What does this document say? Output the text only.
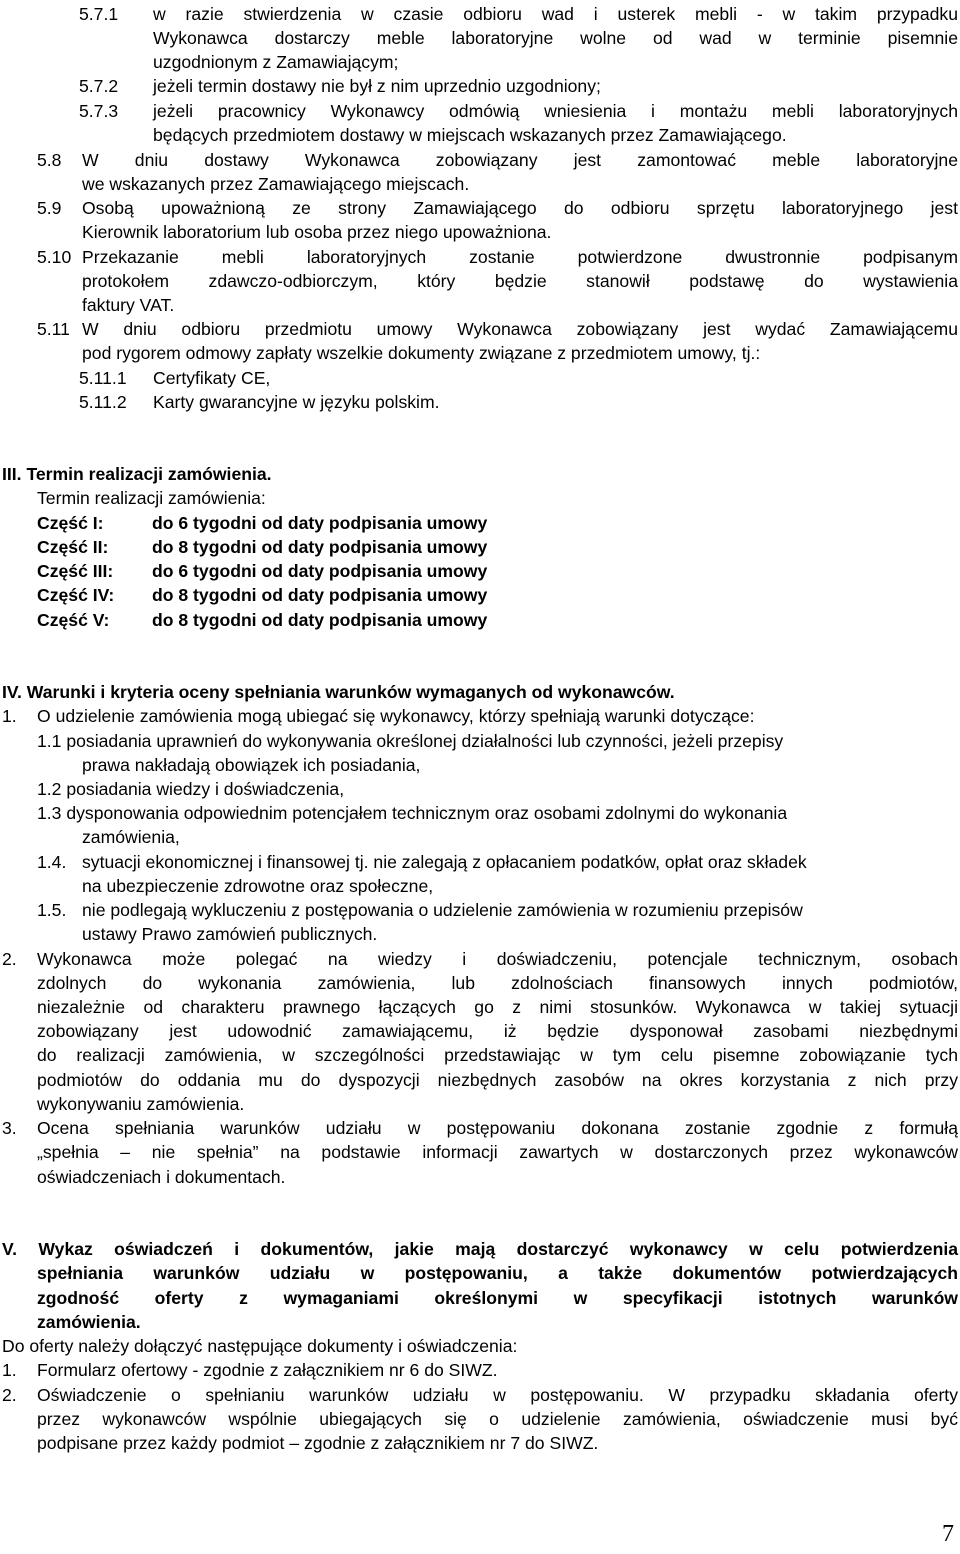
5.7.1 w razie stwierdzenia w czasie odbioru wad i usterek mebli - w takim przypadku
Wykonawca dostarczy meble laboratoryjne wolne od wad w terminie pisemnie
uzgodnionym z Zamawiającym;
5.7.2 jeżeli termin dostawy nie był z nim uprzednio uzgodniony;
5.7.3 jeżeli pracownicy Wykonawcy odmówią wniesienia i montażu mebli laboratoryjnych
będących przedmiotem dostawy w miejscach wskazanych przez Zamawiającego.
5.8 W dniu dostawy Wykonawca zobowiązany jest zamontować meble laboratoryjne
we wskazanych przez Zamawiającego miejscach.
5.9 Osobą upoważnioną ze strony Zamawiającego do odbioru sprzętu laboratoryjnego jest
Kierownik laboratorium lub osoba przez niego upoważniona.
5.10 Przekazanie mebli laboratoryjnych zostanie potwierdzone dwustronnie podpisanym
protokołem zdawczo-odbiorczym, który będzie stanowił podstawę do wystawienia
faktury VAT.
5.11 W dniu odbioru przedmiotu umowy Wykonawca zobowiązany jest wydać Zamawiającemu
pod rygorem odmowy zapłaty wszelkie dokumenty związane z przedmiotem umowy, tj.:
5.11.1 Certyfikaty CE,
5.11.2 Karty gwarancyjne w języku polskim.
III. Termin realizacji zamówienia.
Termin realizacji zamówienia:
Część I:	do 6 tygodni od daty podpisania umowy
Część II: do 8 tygodni od daty podpisania umowy
Część III: do 6 tygodni od daty podpisania umowy
Część IV: do 8 tygodni od daty podpisania umowy
Część V: do 8 tygodni od daty podpisania umowy
IV. Warunki i kryteria oceny spełniania warunków wymaganych od wykonawców.
1. O udzielenie zamówienia mogą ubiegać się wykonawcy, którzy spełniają warunki dotyczące:
1.1 posiadania uprawnień do wykonywania określonej działalności lub czynności, jeżeli przepisy
prawa nakładają obowiązek ich posiadania,
1.2 posiadania wiedzy i doświadczenia,
1.3 dysponowania odpowiednim potencjałem technicznym oraz osobami zdolnymi do wykonania
zamówienia,
1.4. sytuacji ekonomicznej i finansowej tj. nie zalegają z opłacaniem podatków, opłat oraz składek
na ubezpieczenie zdrowotne oraz społeczne,
1.5. nie podlegają wykluczeniu z postępowania o udzielenie zamówienia w rozumieniu przepisów
ustawy Prawo zamówień publicznych.
2. Wykonawca może polegać na wiedzy i doświadczeniu, potencjale technicznym, osobach
zdolnych do wykonania zamówienia, lub zdolnościach finansowych innych podmiotów,
niezależnie od charakteru prawnego łączących go z nimi stosunków. Wykonawca w takiej sytuacji
zobowiązany jest udowodnić zamawiającemu, iż będzie dysponował zasobami niezbędnymi
do realizacji zamówienia, w szczególności przedstawiając w tym celu pisemne zobowiązanie tych
podmiotów do oddania mu do dyspozycji niezbędnych zasobów na okres korzystania z nich przy
wykonywaniu zamówienia.
3. Ocena spełniania warunków udziału w postępowaniu dokonana zostanie zgodnie z formułą
„spełnia – nie spełnia” na podstawie informacji zawartych w dostarczonych przez wykonawców
oświadczeniach i dokumentach.
V. Wykaz oświadczeń i dokumentów, jakie mają dostarczyć wykonawcy w celu potwierdzenia
spełniania warunków udziału w postępowaniu, a także dokumentów potwierdzających
zgodność oferty z wymaganiami określonymi w specyfikacji istotnych warunków
zamówienia.
Do oferty należy dołączyć następujące dokumenty i oświadczenia:
1. Formularz ofertowy - zgodnie z załącznikiem nr 6 do SIWZ.
2. Oświadczenie o spełnianiu warunków udziału w postępowaniu. W przypadku składania oferty
przez wykonawców wspólnie ubiegających się o udzielenie zamówienia, oświadczenie musi być
podpisane przez każdy podmiot – zgodnie z załącznikiem nr 7 do SIWZ.
7
